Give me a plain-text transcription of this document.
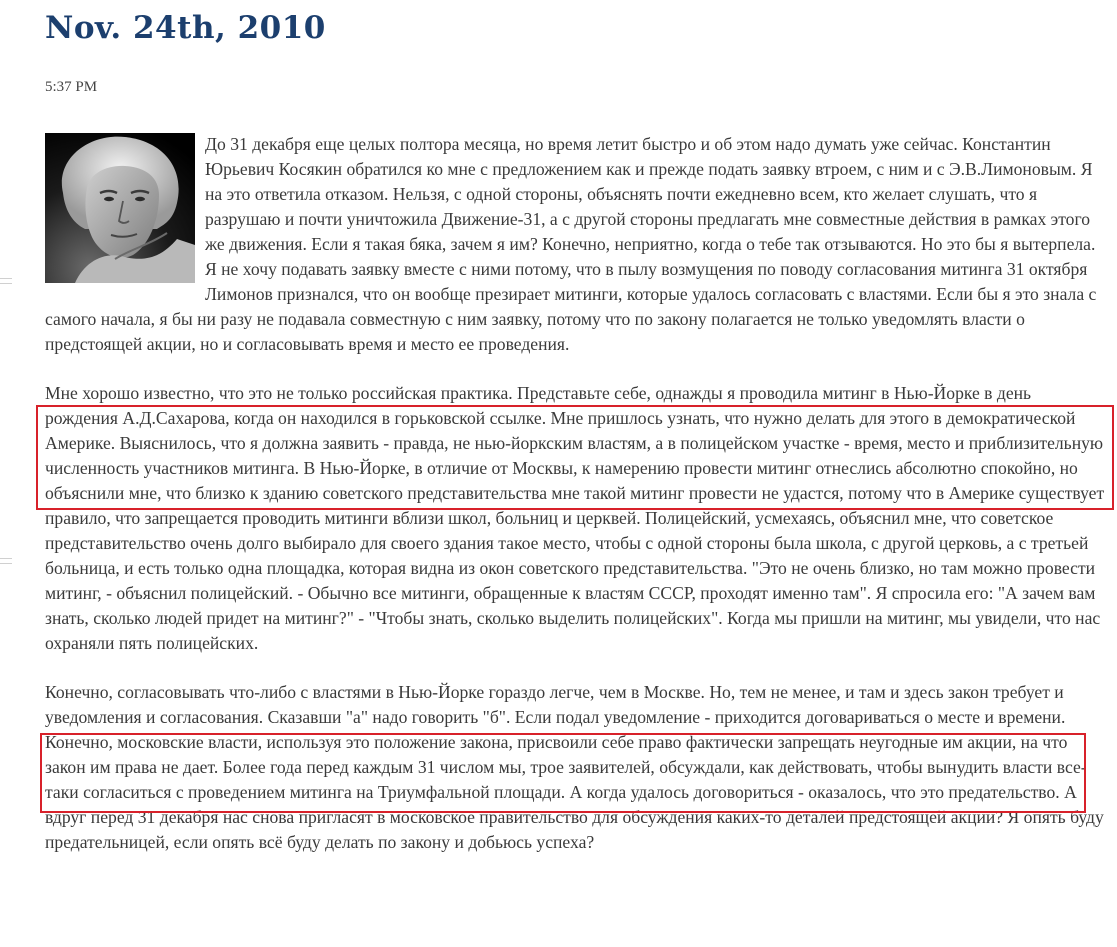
Nov. 24th, 2010
5:37 PM

До 31 декабря еще целых полтора месяца, но время летит быстро и об этом надо думать уже сейчас. Константин Юрьевич Косякин обратился ко мне с предложением как и прежде подать заявку втроем, с ним и с Э.В.Лимоновым. Я на это ответила отказом. Нельзя, с одной стороны, объяснять почти ежедневно всем, кто желает слушать, что я разрушаю и почти уничтожила Движение-31, а с другой стороны предлагать мне совместные действия в рамках этого же движения. Если я такая бяка, зачем я им? Конечно, неприятно, когда о тебе так отзываются. Но это бы я вытерпела. Я не хочу подавать заявку вместе с ними потому, что в пылу возмущения по поводу согласования митинга 31 октября Лимонов признался, что он вообще презирает митинги, которые удалось согласовать с властями. Если бы я это знала с самого начала, я бы ни разу не подавала совместную с ним заявку, потому что по закону полагается не только уведомлять власти о предстоящей акции, но и согласовывать время и место ее проведения.

Мне хорошо известно, что это не только российская практика. Представьте себе, однажды я проводила митинг в Нью-Йорке в день рождения А.Д.Сахарова, когда он находился в горьковской ссылке. Мне пришлось узнать, что нужно делать для этого в демократической Америке. Выяснилось, что я должна заявить - правда, не нью-йоркским властям, а в полицейском участке - время, место и приблизительную численность участников митинга. В Нью-Йорке, в отличие от Москвы, к намерению провести митинг отнеслись абсолютно спокойно, но объяснили мне, что близко к зданию советского представительства мне такой митинг провести не удастся, потому что в Америке существует правило, что запрещается проводить митинги вблизи школ, больниц и церквей. Полицейский, усмехаясь, объяснил мне, что советское представительство очень долго выбирало для своего здания такое место, чтобы с одной стороны была школа, с другой церковь, а с третьей больница, и есть только одна площадка, которая видна из окон советского представительства. "Это не очень близко, но там можно провести митинг, - объяснил полицейский. - Обычно все митинги, обращенные к властям СССР, проходят именно там". Я спросила его: "А зачем вам знать, сколько людей придет на митинг?" - "Чтобы знать, сколько выделить полицейских". Когда мы пришли на митинг, мы увидели, что нас охраняли пять полицейских.

Конечно, согласовывать что-либо с властями в Нью-Йорке гораздо легче, чем в Москве. Но, тем не менее, и там и здесь закон требует и уведомления и согласования. Сказавши "а" надо говорить "б". Если подал уведомление - приходится договариваться о месте и времени. Конечно, московские власти, используя это положение закона, присвоили себе право фактически запрещать неугодные им акции, на что закон им права не дает. Более года перед каждым 31 числом мы, трое заявителей, обсуждали, как действовать, чтобы вынудить власти все-таки согласиться с проведением митинга на Триумфальной площади. А когда удалось договориться - оказалось, что это предательство. А вдруг перед 31 декабря нас снова пригласят в московское правительство для обсуждения каких-то деталей предстоящей акции? Я опять буду предательницей, если опять всё буду делать по закону и добьюсь успеха?
